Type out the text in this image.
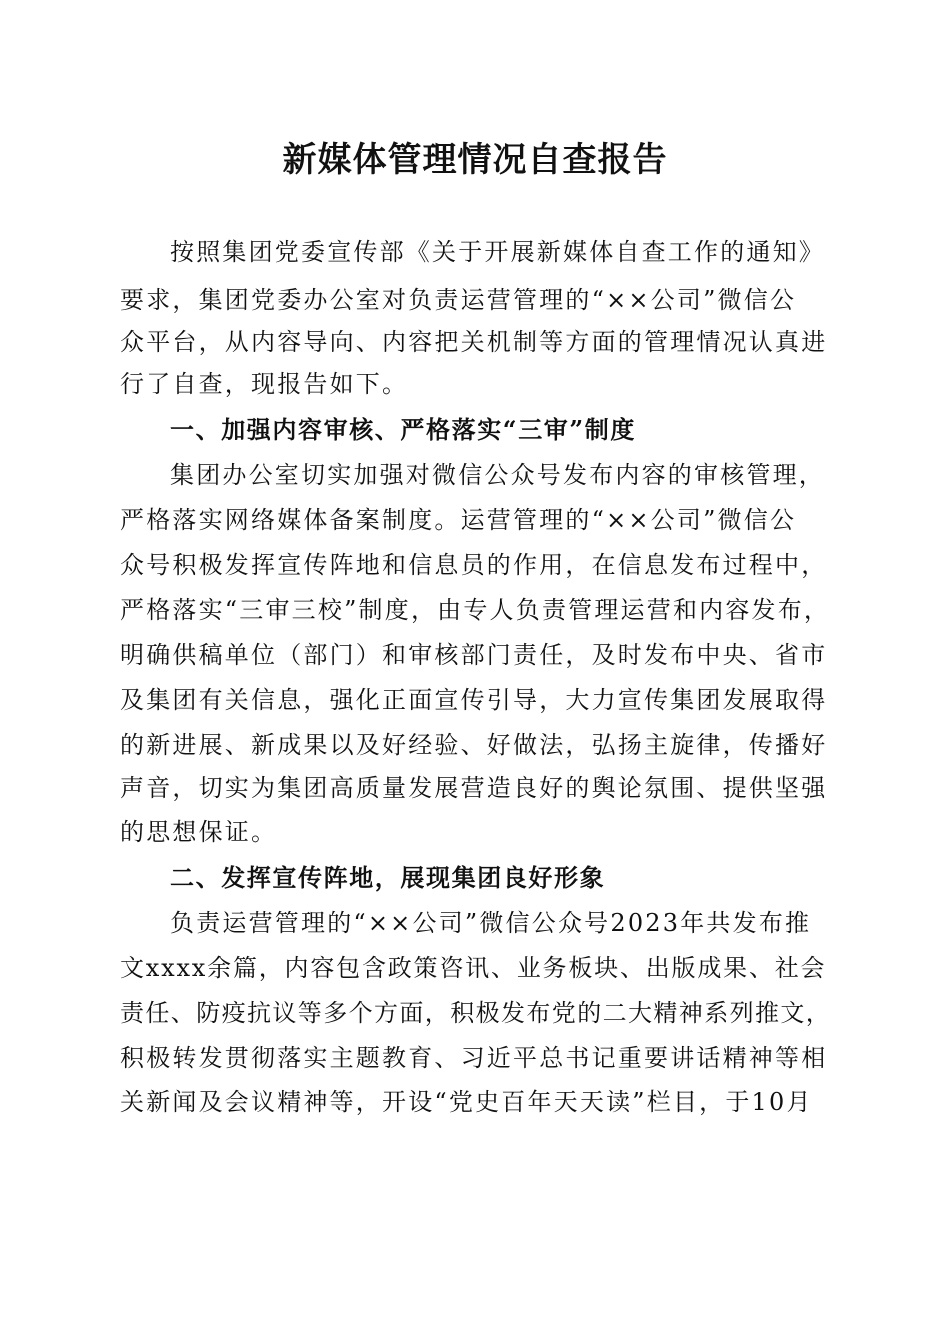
新媒体管理情况自查报告
按照集团党委宣传部《关于开展新媒体自查工作的通知》
要求，集团党委办公室对负责运营管理的“××公司”微信公
众平台，从内容导向、内容把关机制等方面的管理情况认真进
行了自查，现报告如下。
一、加强内容审核、严格落实“三审”制度
集团办公室切实加强对微信公众号发布内容的审核管理，
严格落实网络媒体备案制度。运营管理的“××公司”微信公
众号积极发挥宣传阵地和信息员的作用，在信息发布过程中，
严格落实“三审三校”制度，由专人负责管理运营和内容发布，
明确供稿单位（部门）和审核部门责任，及时发布中央、省市
及集团有关信息，强化正面宣传引导，大力宣传集团发展取得
的新进展、新成果以及好经验、好做法，弘扬主旋律，传播好
声音，切实为集团高质量发展营造良好的舆论氛围、提供坚强
的思想保证。
二、发挥宣传阵地，展现集团良好形象
负责运营管理的“××公司”微信公众号2023年共发布推
文xxxx余篇，内容包含政策咨讯、业务板块、出版成果、社会
责任、防疫抗议等多个方面，积极发布党的二大精神系列推文，
积极转发贯彻落实主题教育、习近平总书记重要讲话精神等相
关新闻及会议精神等，开设“党史百年天天读”栏目，于10月
